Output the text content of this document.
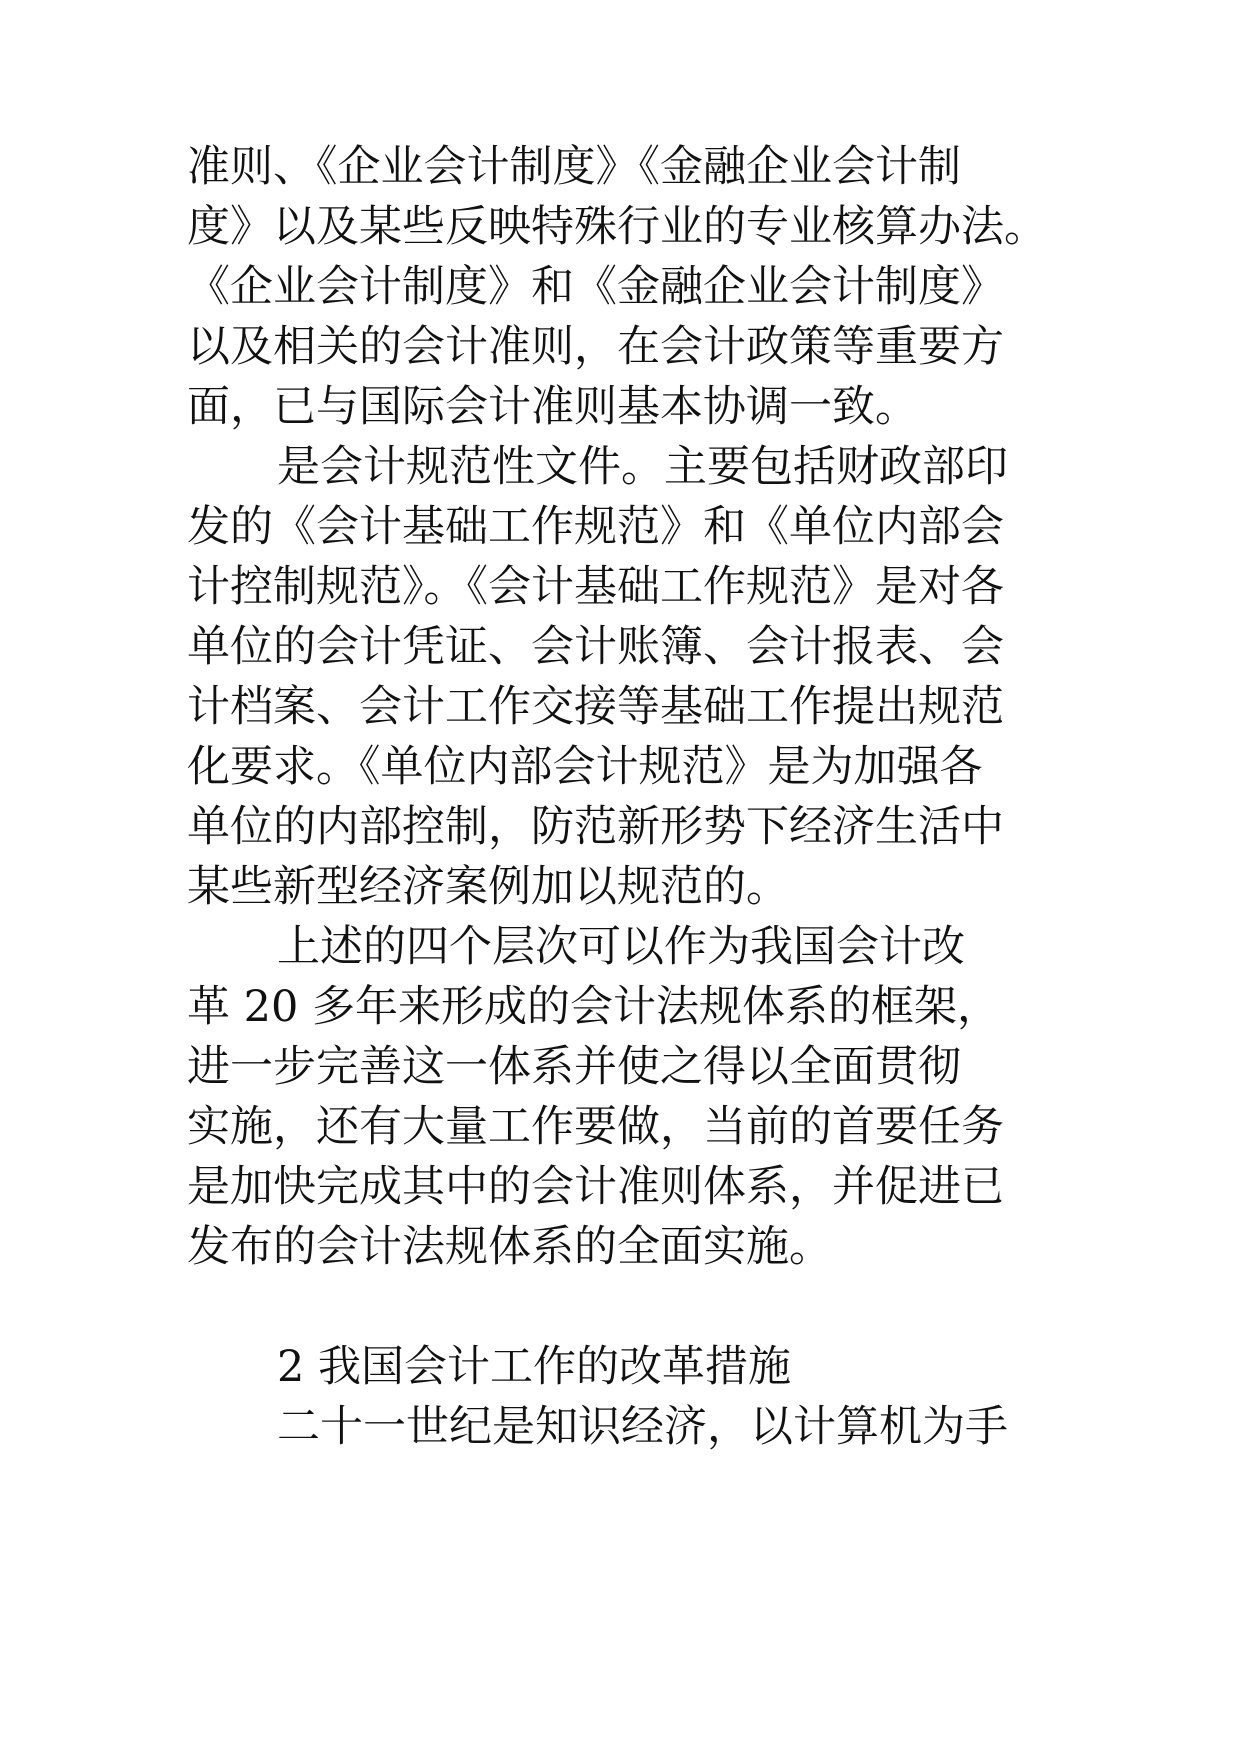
准则、《企业会计制度》《金融企业会计制

度》以及某些反映特殊行业的专业核算办法。

《企业会计制度》和《金融企业会计制度》

以及相关的会计准则，在会计政策等重要方

面，已与国际会计准则基本协调一致。

是会计规范性文件。主要包括财政部印

发的《会计基础工作规范》和《单位内部会

计控制规范》。《会计基础工作规范》是对各

单位的会计凭证、会计账簿、会计报表、会

计档案、会计工作交接等基础工作提出规范

化要求。《单位内部会计规范》是为加强各

单位的内部控制，防范新形势下经济生活中

某些新型经济案例加以规范的。

上述的四个层次可以作为我国会计改

革 20 多年来形成的会计法规体系的框架，

进一步完善这一体系并使之得以全面贯彻

实施，还有大量工作要做，当前的首要任务

是加快完成其中的会计准则体系，并促进已

发布的会计法规体系的全面实施。

2 我国会计工作的改革措施

二十一世纪是知识经济，以计算机为手
